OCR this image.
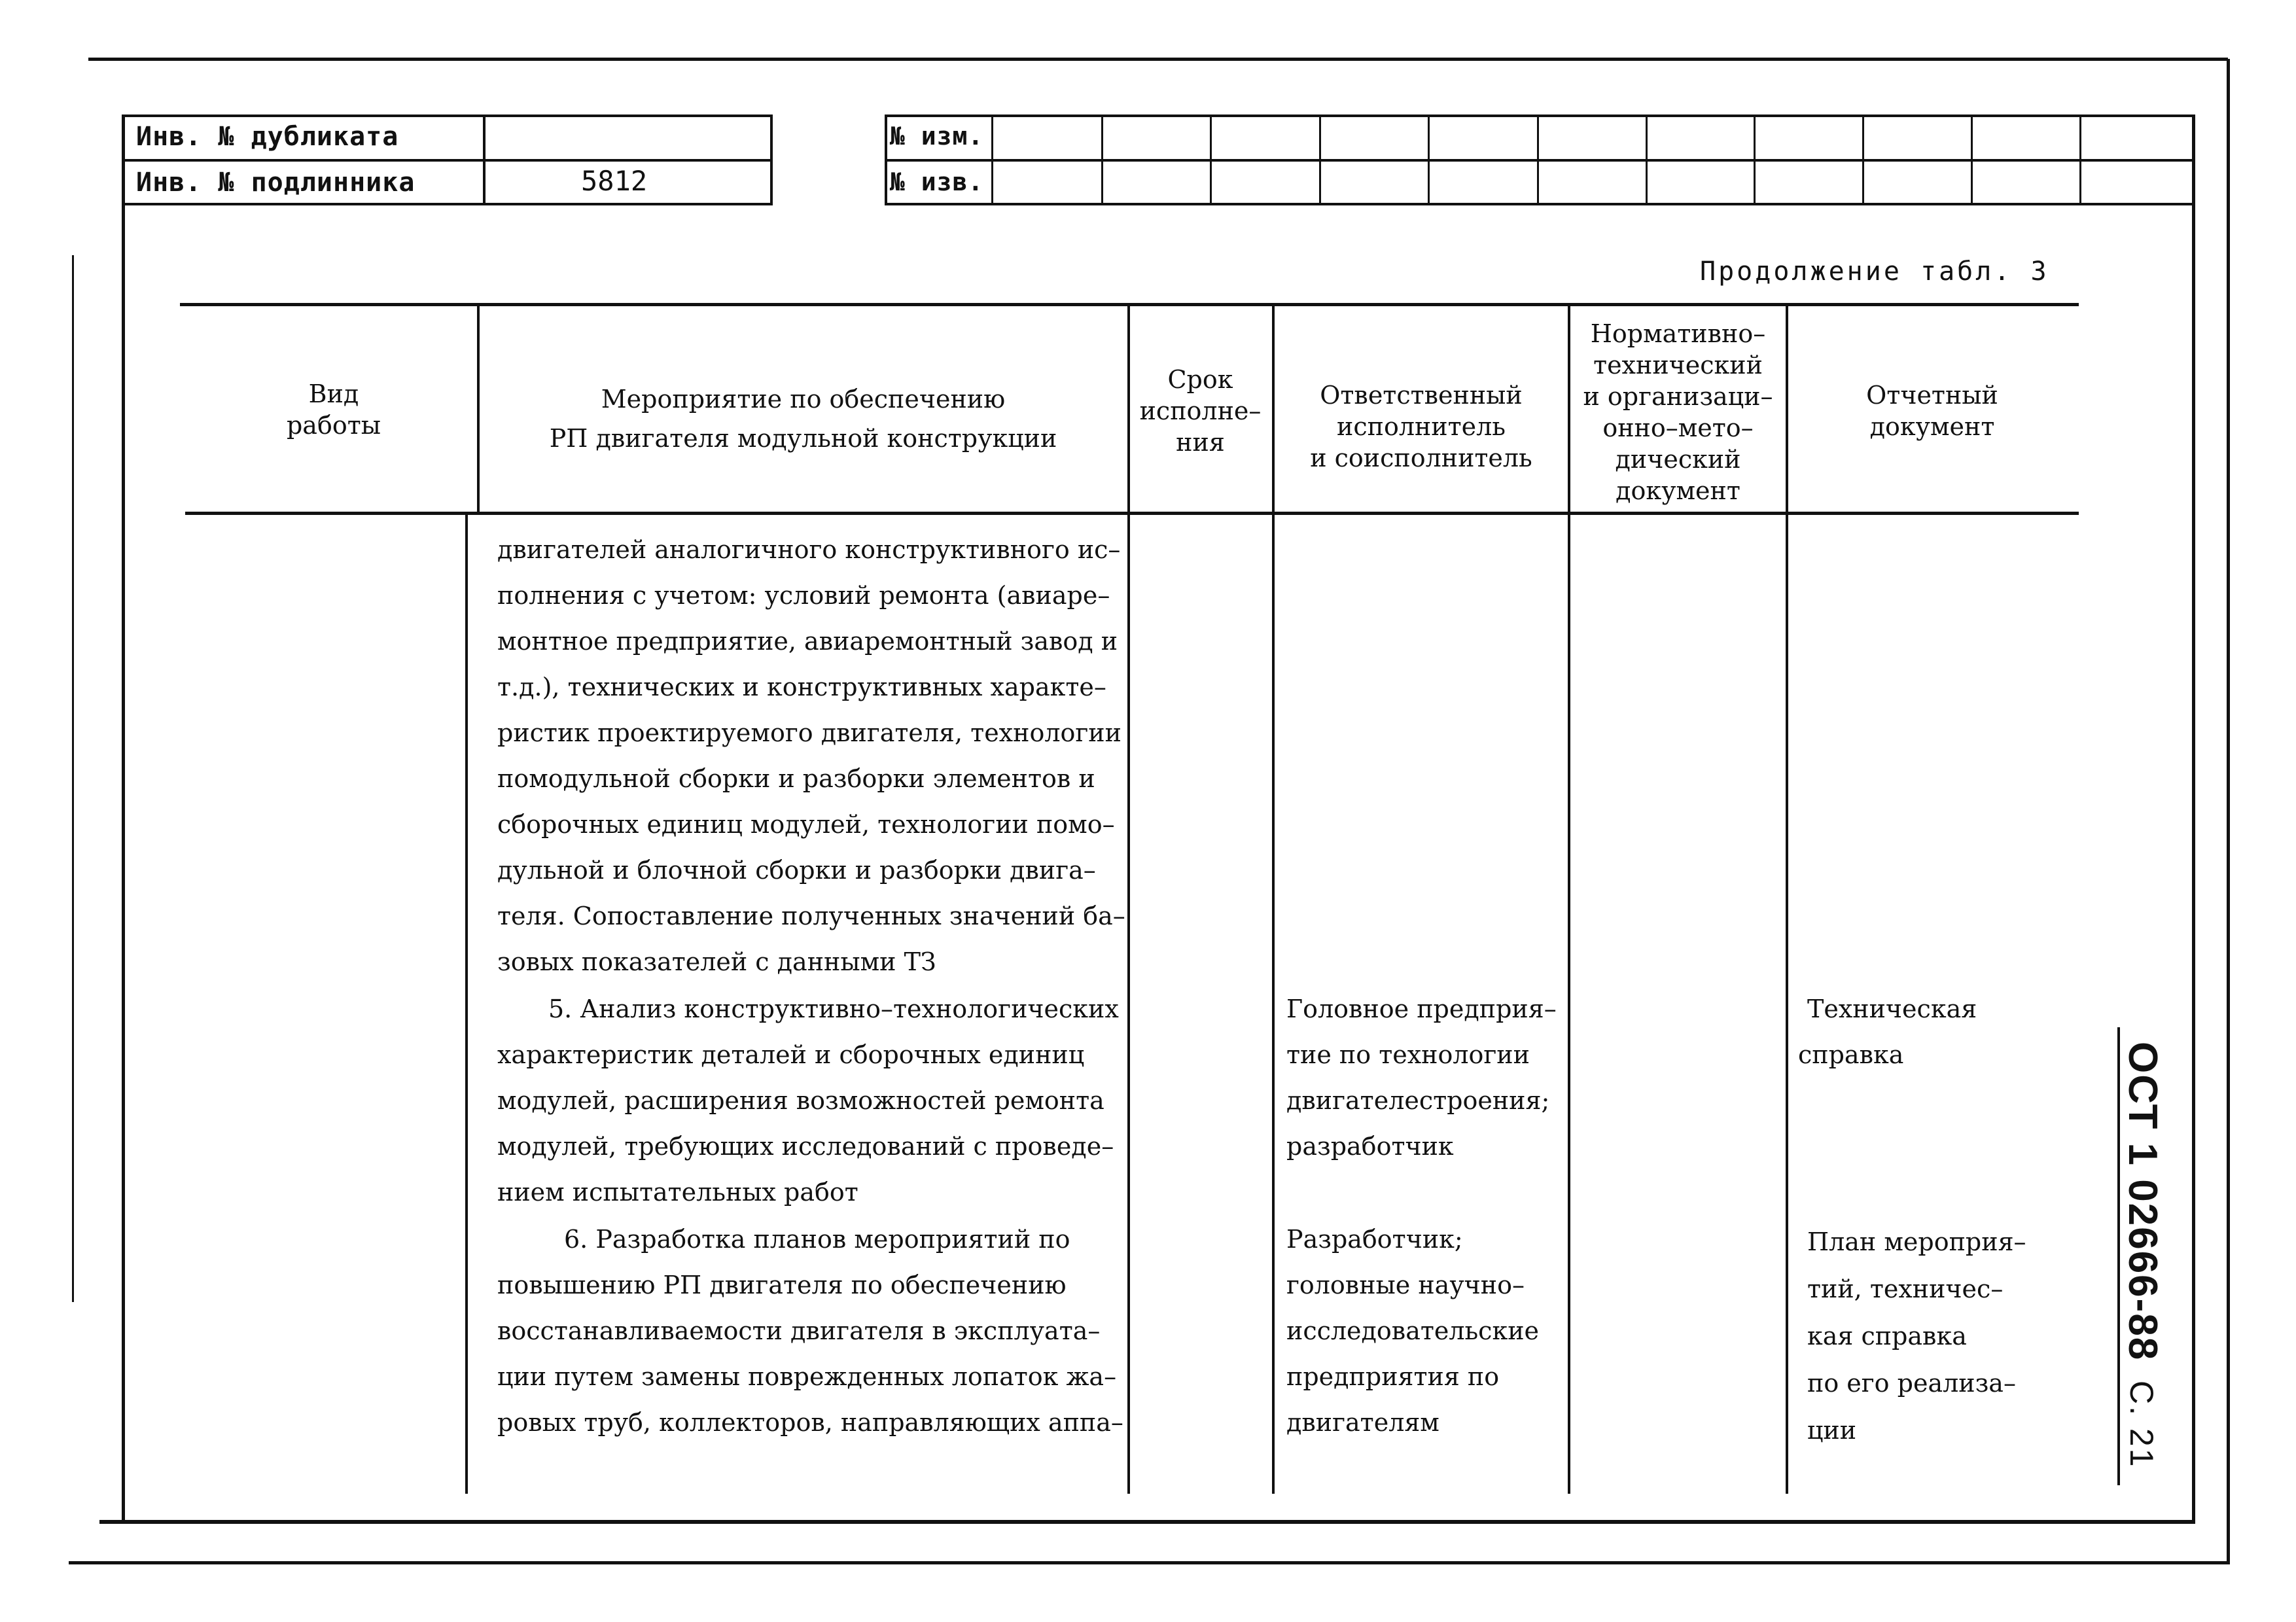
Инв. № дубликата
Инв. № подлинника	5812
№ изм.
№ изв.
Продолжение табл. 3
Вид
работы
Мероприятие по обеспечению
РП двигателя модульной конструкции
Срок
исполне–
ния
Ответственный
исполнитель
и соисполнитель
Нормативно–
технический
и организаци–
онно–мето–
дический
документ
Отчетный
документ
двигателей аналогичного конструктивного ис–
полнения с учетом: условий ремонта (авиаре–
монтное предприятие, авиаремонтный завод и
т.д.), технических и конструктивных характе–
ристик проектируемого двигателя, технологии
помодульной сборки и разборки элементов и
сборочных единиц модулей, технологии помо–
дульной и блочной сборки и разборки двига–
теля. Сопоставление полученных значений ба–
зовых показателей с данными ТЗ
5. Анализ конструктивно–технологических
характеристик деталей и сборочных единиц
модулей, расширения возможностей ремонта
модулей, требующих исследований с проведе–
нием испытательных работ
6. Разработка планов мероприятий по
повышению РП двигателя по обеспечению
восстанавливаемости двигателя в эксплуата–
ции путем замены поврежденных лопаток жа–
ровых труб, коллекторов, направляющих аппа–
Головное предприя–
тие по технологии
двигателестроения;
разработчик
Разработчик;
головные научно–
исследовательские
предприятия по
двигателям
Техническая
справка
План мероприя–
тий, техничес–
кая справка
по его реализа–
ции
ОСТ 1 02666-88
С. 21
